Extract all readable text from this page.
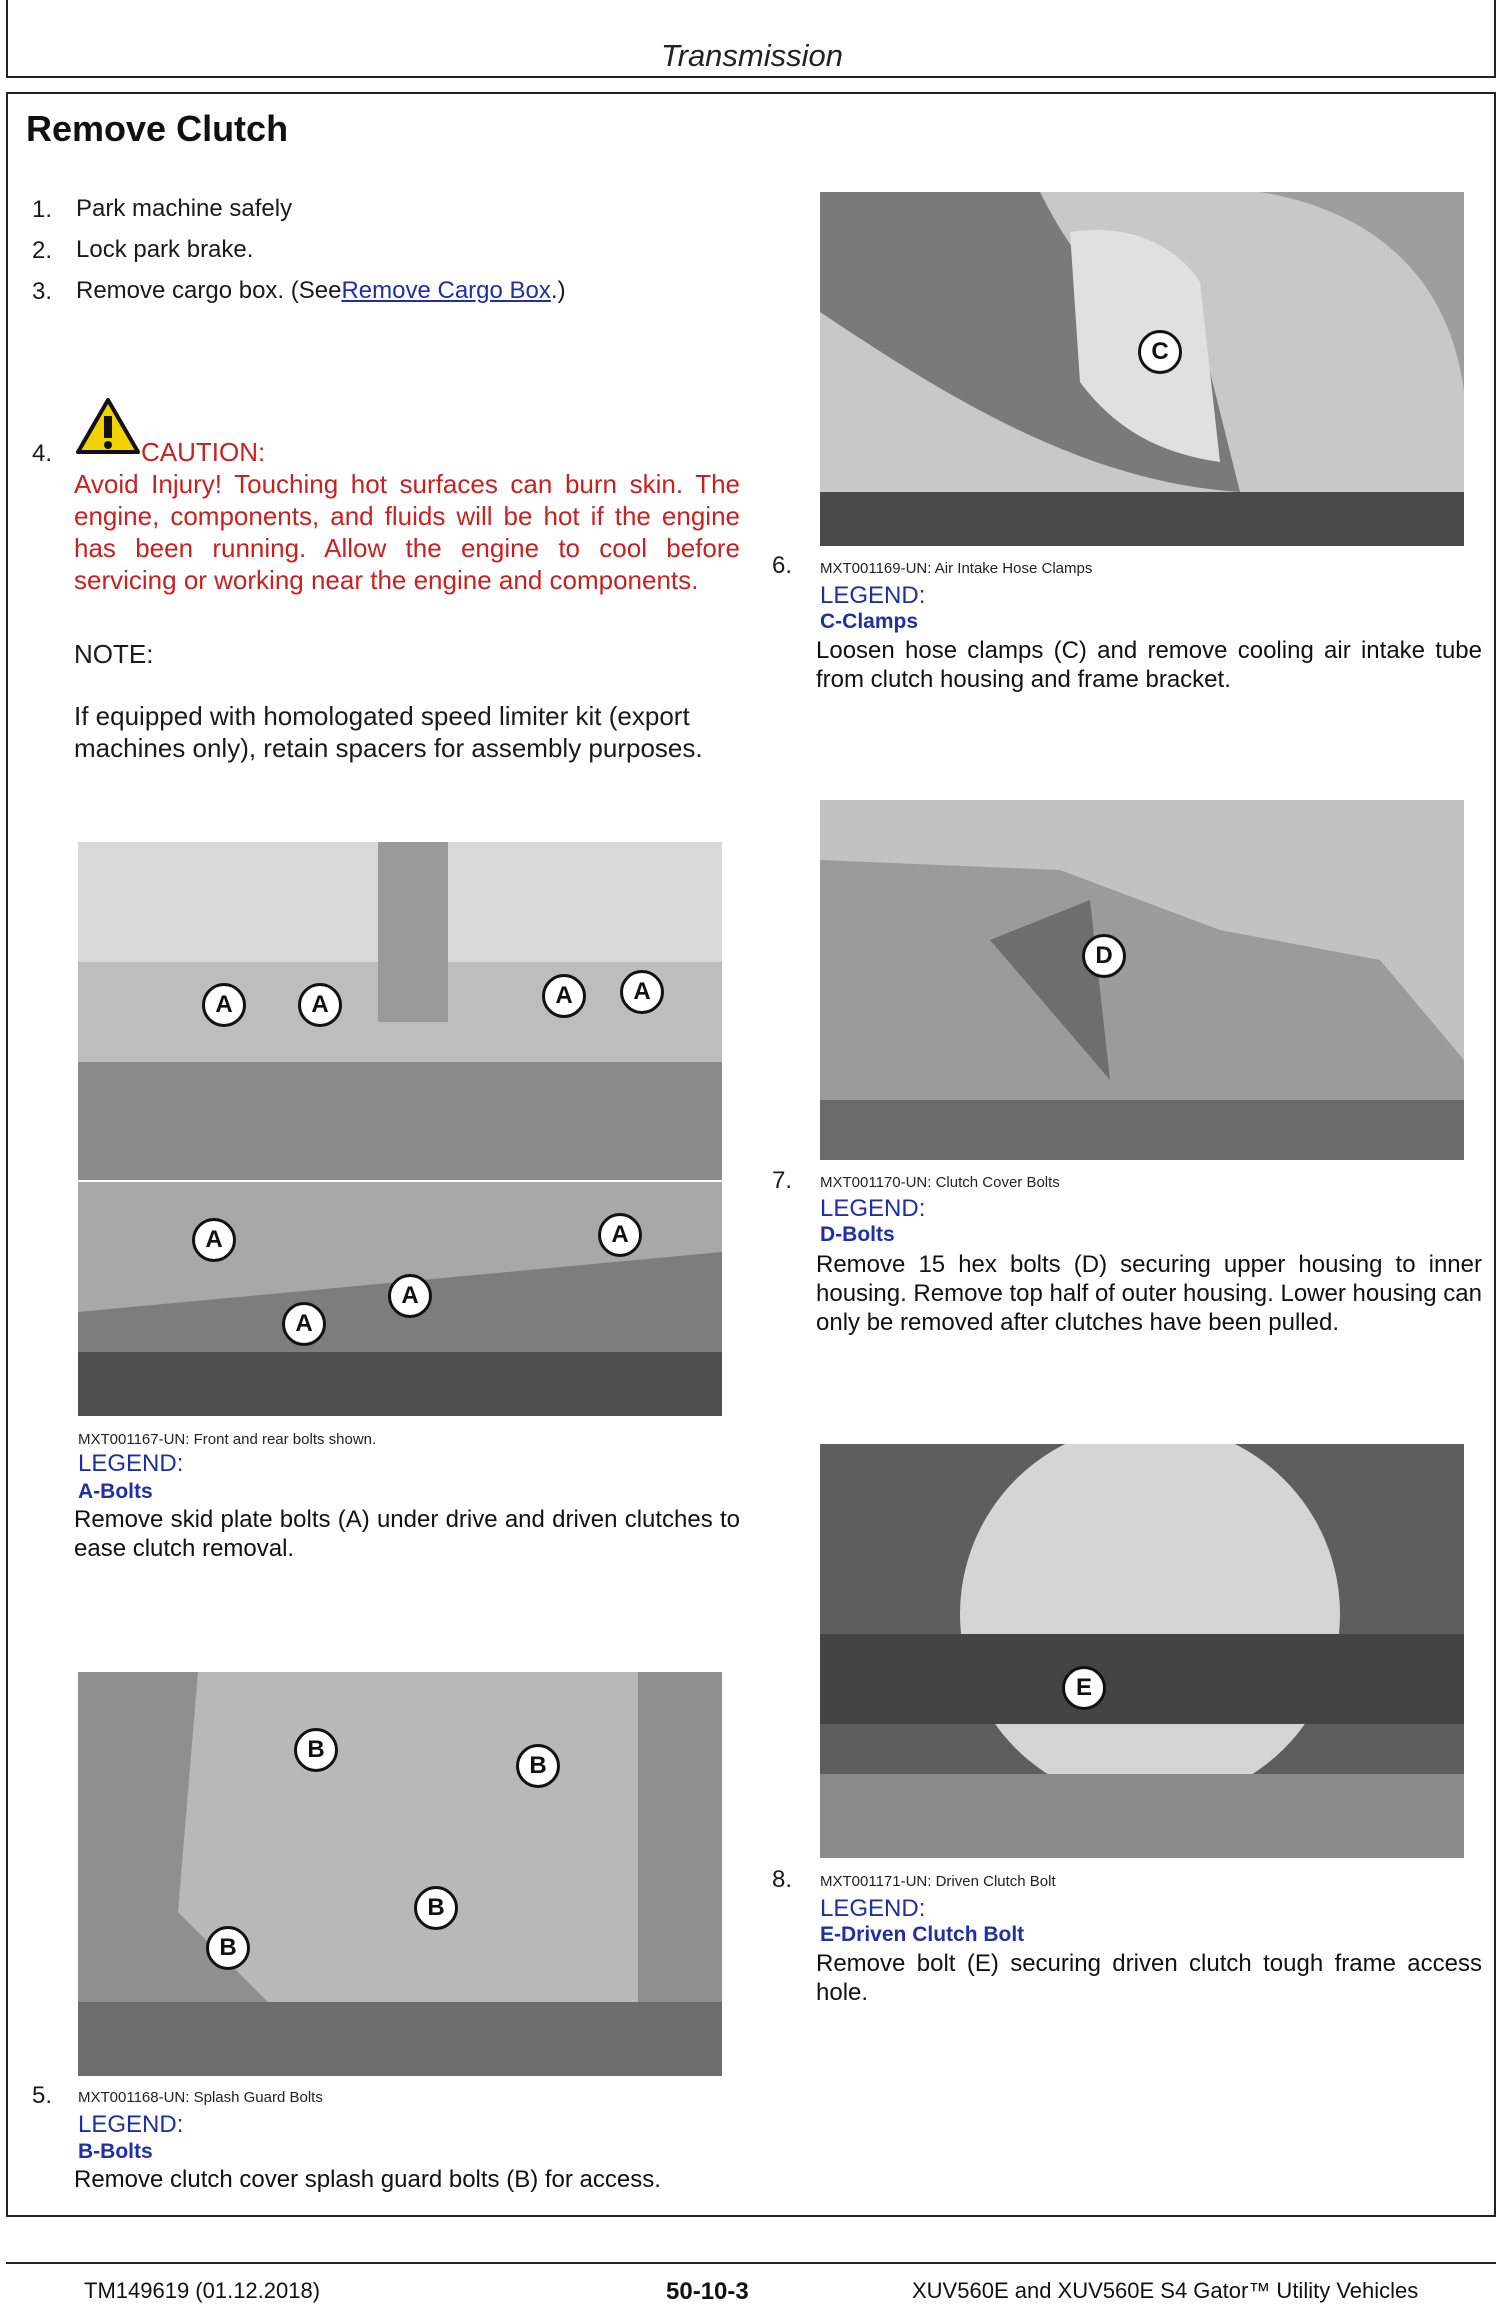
Transmission
Remove Clutch
1. Park machine safely
2. Lock park brake.
3. Remove cargo box. (SeeRemove Cargo Box.)
4.	CAUTION:
Avoid Injury! Touching hot surfaces can burn skin. The engine, components, and fluids will be hot if the engine has been running. Allow the engine to cool before servicing or working near the engine and components.
NOTE:
If equipped with homologated speed limiter kit (export machines only), retain spacers for assembly purposes.
C
6. MXT001169-UN: Air Intake Hose Clamps
LEGEND:
C-Clamps
Loosen hose clamps (C) and remove cooling air intake tube from clutch housing and frame bracket.
A	A	A	A
A	A
A
A
MXT001167-UN: Front and rear bolts shown.
LEGEND:
A-Bolts
Remove skid plate bolts (A) under drive and driven clutches to ease clutch removal.
D
7. MXT001170-UN: Clutch Cover Bolts
LEGEND:
D-Bolts
Remove 15 hex bolts (D) securing upper housing to inner housing. Remove top half of outer housing. Lower housing can only be removed after clutches have been pulled.
B
B
B
B
5. MXT001168-UN: Splash Guard Bolts
LEGEND:
B-Bolts
Remove clutch cover splash guard bolts (B) for access.
E
8. MXT001171-UN: Driven Clutch Bolt
LEGEND:
E-Driven Clutch Bolt
Remove bolt (E) securing driven clutch tough frame access hole.
TM149619 (01.12.2018)	50-10-3	XUV560E and XUV560E S4 Gator™ Utility Vehicles
